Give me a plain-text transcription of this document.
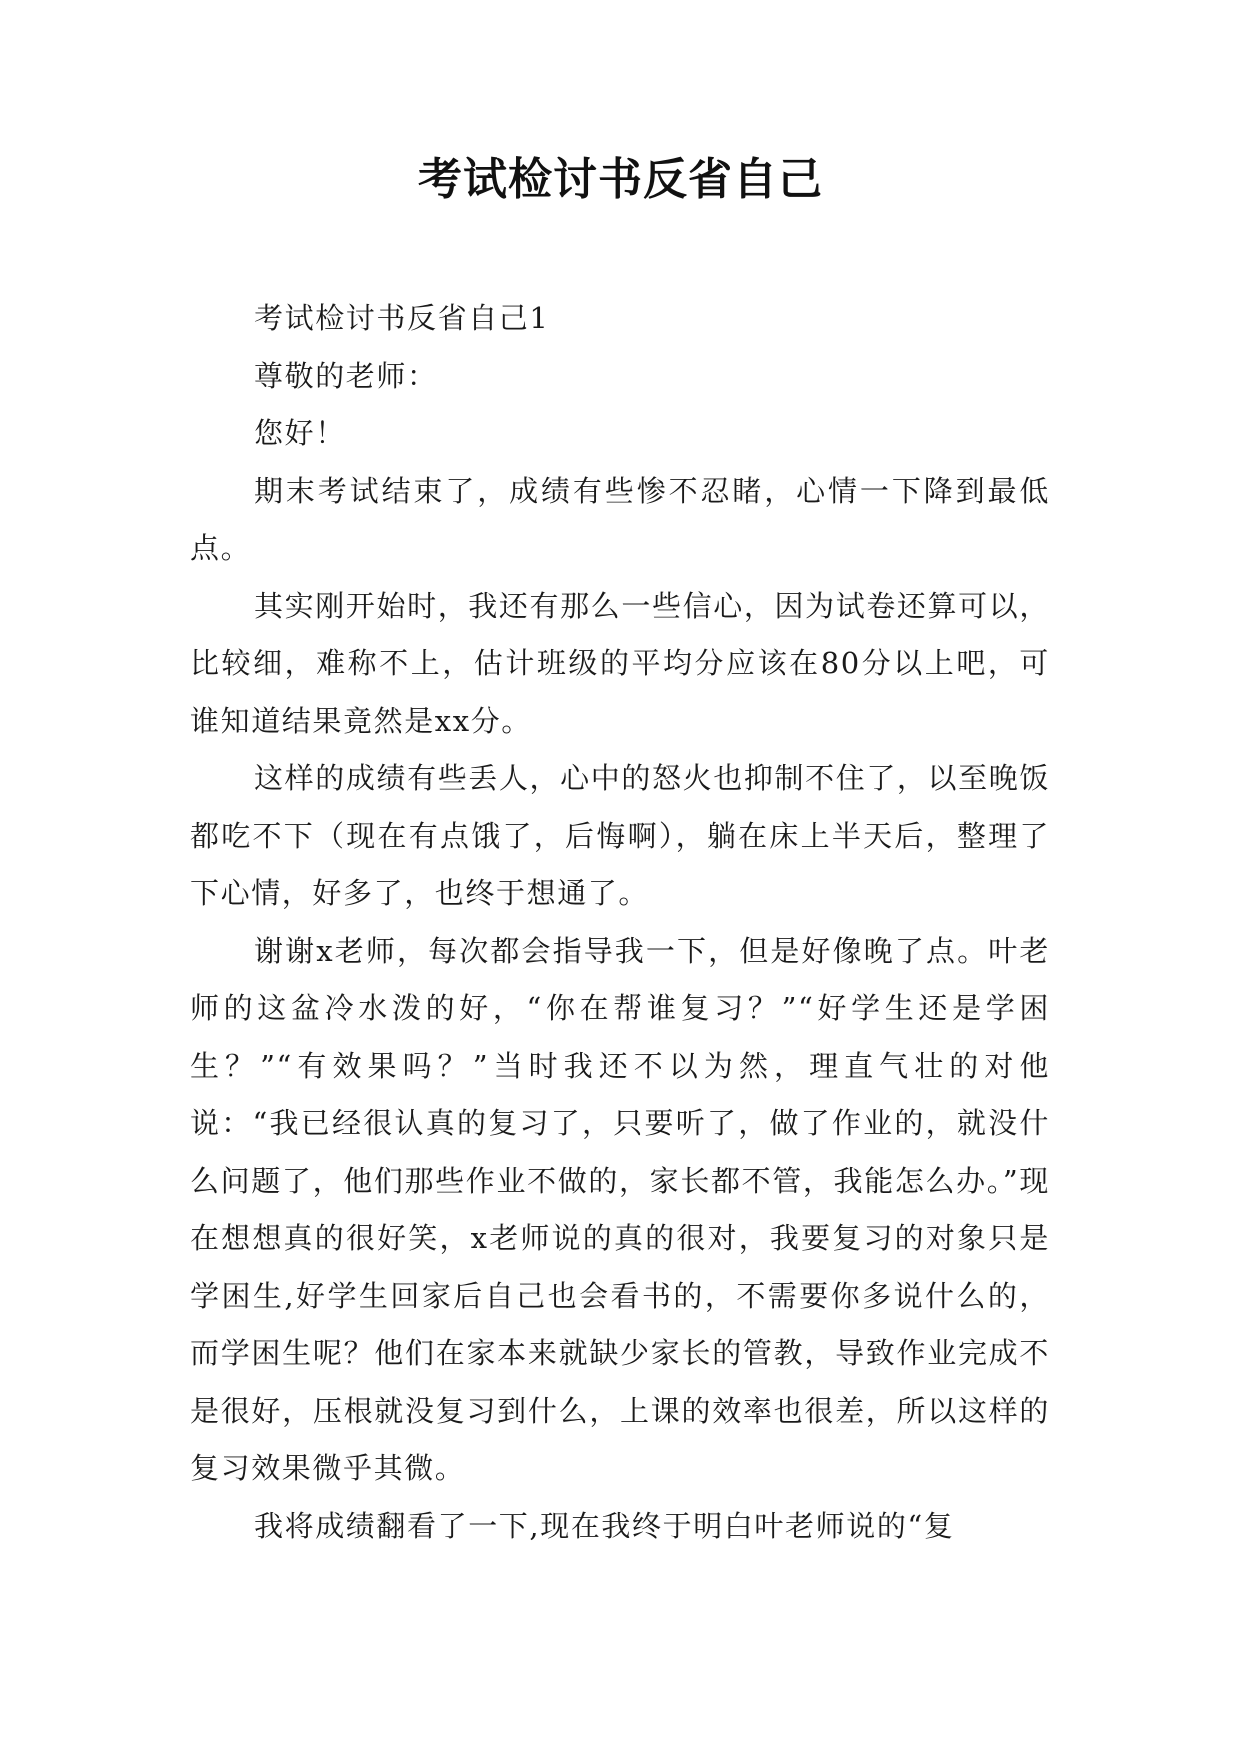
考试检讨书反省自己

考试检讨书反省自己1

尊敬的老师：

您好！

期末考试结束了，成绩有些惨不忍睹，心情一下降到最低点。

其实刚开始时，我还有那么一些信心，因为试卷还算可以，比较细，难称不上，估计班级的平均分应该在80分以上吧，可谁知道结果竟然是xx分。

这样的成绩有些丢人，心中的怒火也抑制不住了，以至晚饭都吃不下（现在有点饿了，后悔啊），躺在床上半天后，整理了下心情，好多了，也终于想通了。

谢谢x老师，每次都会指导我一下，但是好像晚了点。叶老师的这盆冷水泼的好，“你在帮谁复习？”“好学生还是学困生？”“有效果吗？”当时我还不以为然，理直气壮的对他说：“我已经很认真的复习了，只要听了，做了作业的，就没什么问题了，他们那些作业不做的，家长都不管，我能怎么办。”现在想想真的很好笑，x老师说的真的很对，我要复习的对象只是学困生,好学生回家后自己也会看书的，不需要你多说什么的，而学困生呢？他们在家本来就缺少家长的管教，导致作业完成不是很好，压根就没复习到什么，上课的效率也很差，所以这样的复习效果微乎其微。

我将成绩翻看了一下,现在我终于明白叶老师说的“复
